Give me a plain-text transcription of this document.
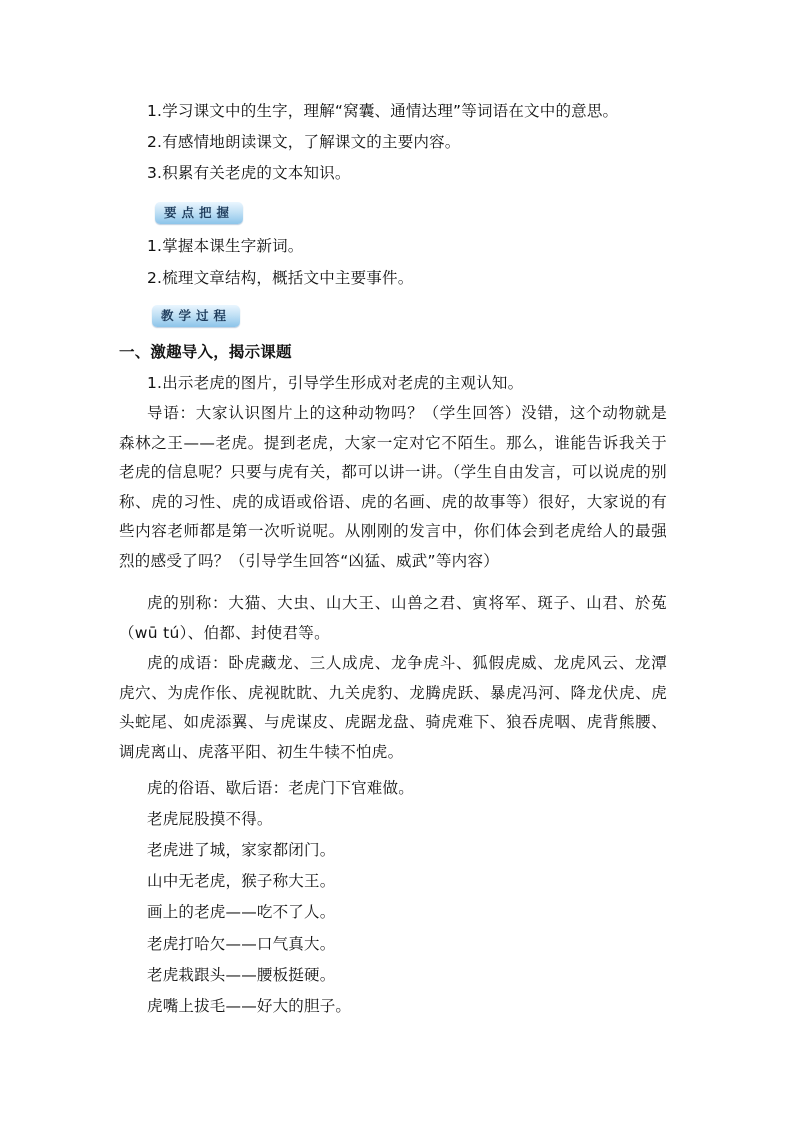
1.学习课文中的生字，理解“窝囊、通情达理”等词语在文中的意思。
2.有感情地朗读课文，了解课文的主要内容。
3.积累有关老虎的文本知识。
要点把握
1.掌握本课生字新词。
2.梳理文章结构，概括文中主要事件。
教学过程
一、激趣导入，揭示课题
1.出示老虎的图片，引导学生形成对老虎的主观认知。
导语：大家认识图片上的这种动物吗？（学生回答）没错，这个动物就是森林之王——老虎。提到老虎，大家一定对它不陌生。那么，谁能告诉我关于老虎的信息呢？只要与虎有关，都可以讲一讲。（学生自由发言，可以说虎的别称、虎的习性、虎的成语或俗语、虎的名画、虎的故事等）很好，大家说的有些内容老师都是第一次听说呢。从刚刚的发言中，你们体会到老虎给人的最强烈的感受了吗？（引导学生回答“凶猛、威武”等内容）
虎的别称：大猫、大虫、山大王、山兽之君、寅将军、斑子、山君、於菟（wū tú）、伯都、封使君等。
虎的成语：卧虎藏龙、三人成虎、龙争虎斗、狐假虎威、龙虎风云、龙潭虎穴、为虎作伥、虎视眈眈、九关虎豹、龙腾虎跃、暴虎冯河、降龙伏虎、虎头蛇尾、如虎添翼、与虎谋皮、虎踞龙盘、骑虎难下、狼吞虎咽、虎背熊腰、调虎离山、虎落平阳、初生牛犊不怕虎。
虎的俗语、歇后语：老虎门下官难做。
老虎屁股摸不得。
老虎进了城，家家都闭门。
山中无老虎，猴子称大王。
画上的老虎——吃不了人。
老虎打哈欠——口气真大。
老虎栽跟头——腰板挺硬。
虎嘴上拔毛——好大的胆子。
